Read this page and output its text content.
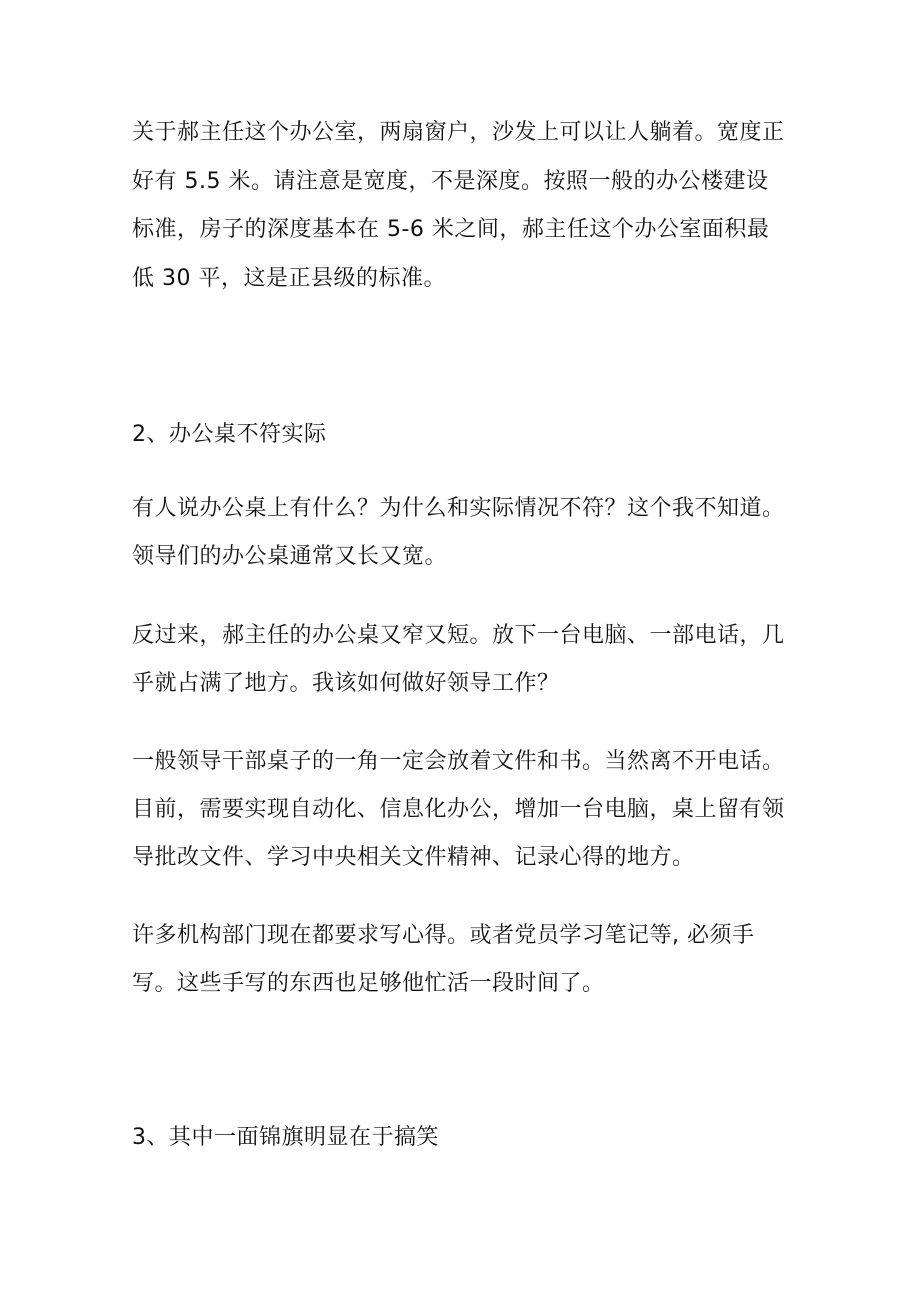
关于郝主任这个办公室，两扇窗户，沙发上可以让人躺着。宽度正
好有 5.5 米。请注意是宽度，不是深度。按照一般的办公楼建设
标准，房子的深度基本在 5-6 米之间，郝主任这个办公室面积最
低 30 平，这是正县级的标准。
2、办公桌不符实际
有人说办公桌上有什么？为什么和实际情况不符？这个我不知道。
领导们的办公桌通常又长又宽。
反过来，郝主任的办公桌又窄又短。放下一台电脑、一部电话，几
乎就占满了地方。我该如何做好领导工作？
一般领导干部桌子的一角一定会放着文件和书。当然离不开电话。
目前，需要实现自动化、信息化办公，增加一台电脑，桌上留有领
导批改文件、学习中央相关文件精神、记录心得的地方。
许多机构部门现在都要求写心得。或者党员学习笔记等, 必须手
写。这些手写的东西也足够他忙活一段时间了。
3、其中一面锦旗明显在于搞笑
